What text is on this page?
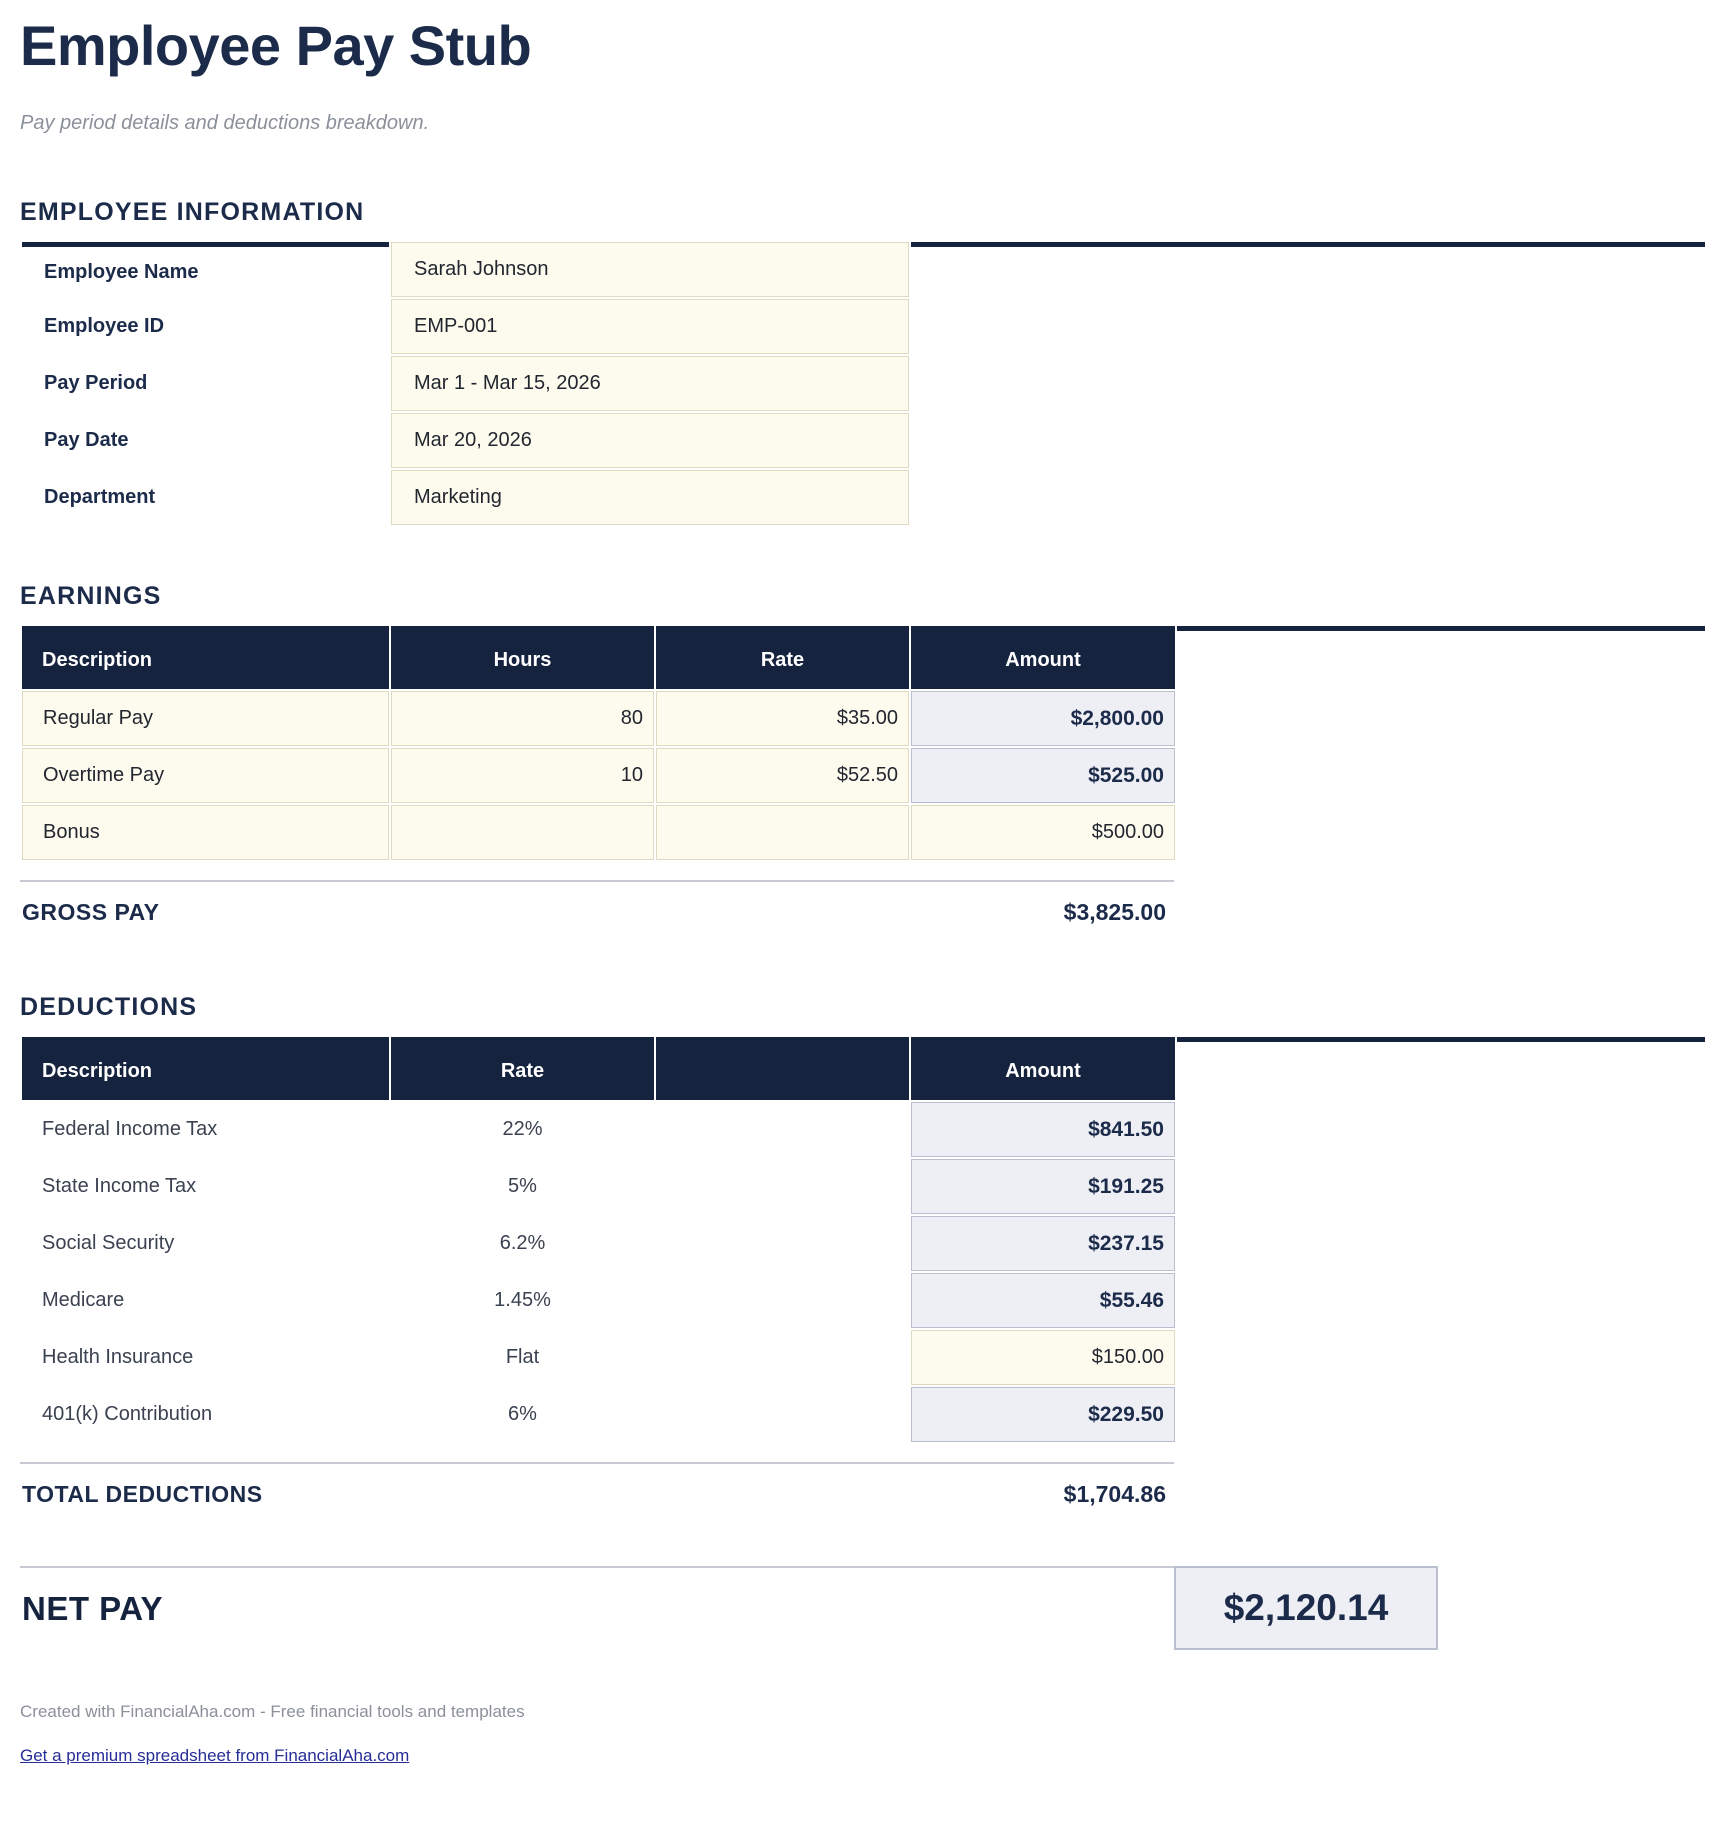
Employee Pay Stub
Pay period details and deductions breakdown.
EMPLOYEE INFORMATION
Employee Name	Sarah Johnson	
Employee ID	EMP-001	
Pay Period	Mar 1 - Mar 15, 2026	
Pay Date	Mar 20, 2026	
Department	Marketing	
EARNINGS
Description	Hours	Rate	Amount	
Regular Pay	80	$35.00	$2,800.00	
Overtime Pay	10	$52.50	$525.00	
Bonus			$500.00	
GROSS PAY	$3,825.00
DEDUCTIONS
Description	Rate		Amount	
Federal Income Tax	22%		$841.50	
State Income Tax	5%		$191.25	
Social Security	6.2%		$237.15	
Medicare	1.45%		$55.46	
Health Insurance	Flat		$150.00	
401(k) Contribution	6%		$229.50	
TOTAL DEDUCTIONS	$1,704.86
NET PAY	$2,120.14
Created with FinancialAha.com - Free financial tools and templates
Get a premium spreadsheet from FinancialAha.com
